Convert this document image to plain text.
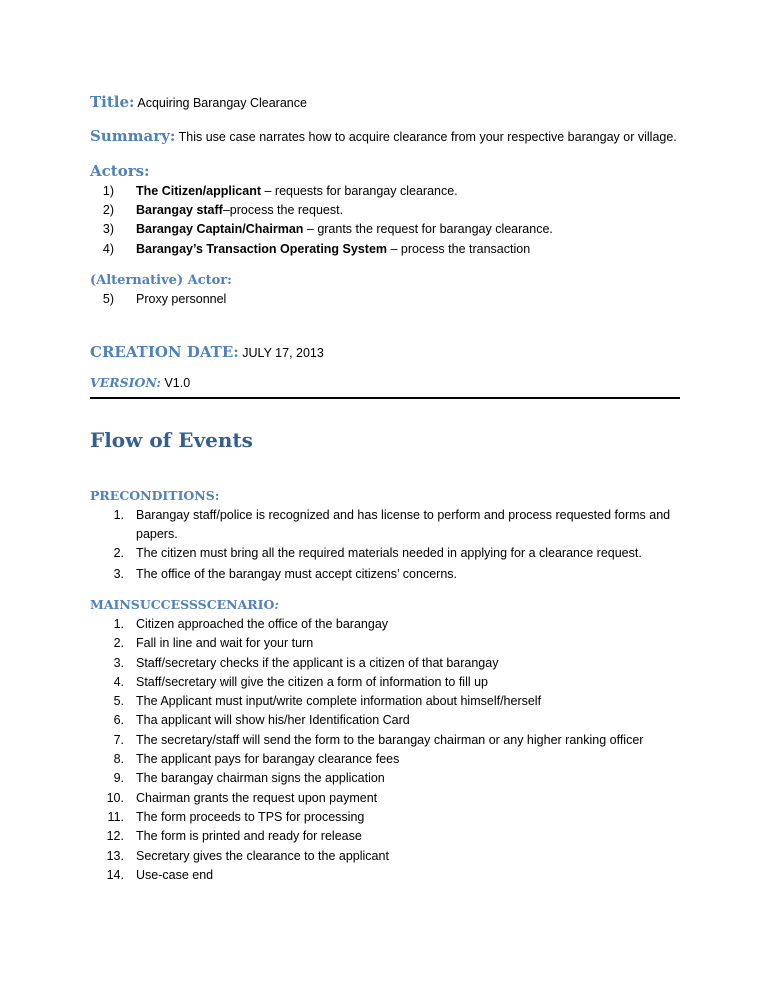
Title: Acquiring Barangay Clearance
Summary: This use case narrates how to acquire clearance from your respective barangay or village.
Actors:
1) The Citizen/applicant – requests for barangay clearance.
2) Barangay staff–process the request.
3) Barangay Captain/Chairman – grants the request for barangay clearance.
4) Barangay’s Transaction Operating System – process the transaction
(Alternative) Actor:
5) Proxy personnel
CREATION DATE: JULY 17, 2013
VERSION: V1.0
Flow of Events
PRECONDITIONS:
1. Barangay staff/police is recognized and has license to perform and process requested forms and
papers.
2. The citizen must bring all the required materials needed in applying for a clearance request.
3. The office of the barangay must accept citizens’ concerns.
MAINSUCCESSSCENARIO:
1. Citizen approached the office of the barangay
2. Fall in line and wait for your turn
3. Staff/secretary checks if the applicant is a citizen of that barangay
4. Staff/secretary will give the citizen a form of information to fill up
5. The Applicant must input/write complete information about himself/herself
6. Tha applicant will show his/her Identification Card
7. The secretary/staff will send the form to the barangay chairman or any higher ranking officer
8. The applicant pays for barangay clearance fees
9. The barangay chairman signs the application
10. Chairman grants the request upon payment
11. The form proceeds to TPS for processing
12. The form is printed and ready for release
13. Secretary gives the clearance to the applicant
14. Use-case end
